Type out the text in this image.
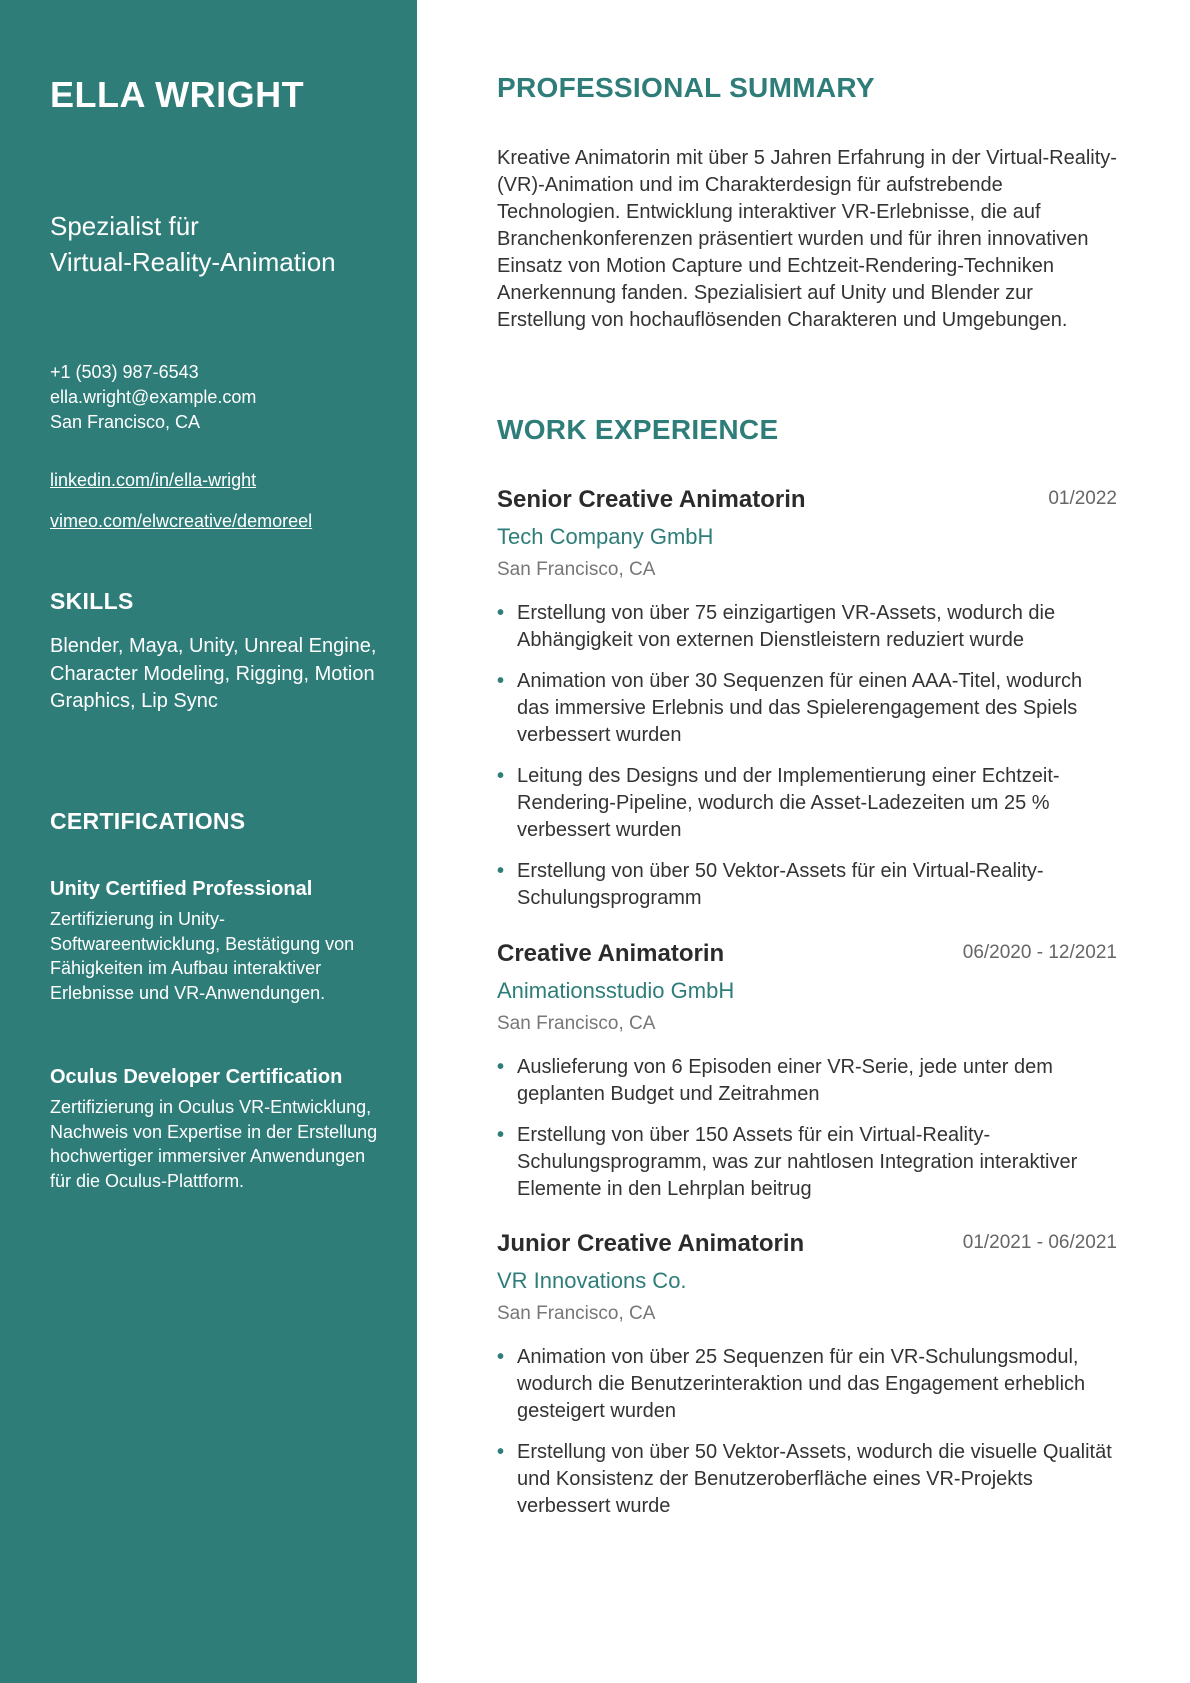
ELLA WRIGHT
Spezialist für
Virtual-Reality-Animation
+1 (503) 987-6543
ella.wright@example.com
San Francisco, CA
linkedin.com/in/ella-wright
vimeo.com/elwcreative/demoreel
SKILLS
Blender, Maya, Unity, Unreal Engine, Character Modeling, Rigging, Motion Graphics, Lip Sync
CERTIFICATIONS
Unity Certified Professional
Zertifizierung in Unity-Softwareentwicklung, Bestätigung von Fähigkeiten im Aufbau interaktiver Erlebnisse und VR-Anwendungen.
Oculus Developer Certification
Zertifizierung in Oculus VR-Entwicklung, Nachweis von Expertise in der Erstellung hochwertiger immersiver Anwendungen für die Oculus-Plattform.
PROFESSIONAL SUMMARY
Kreative Animatorin mit über 5 Jahren Erfahrung in der Virtual-Reality-(VR)-Animation und im Charakterdesign für aufstrebende Technologien. Entwicklung interaktiver VR-Erlebnisse, die auf Branchenkonferenzen präsentiert wurden und für ihren innovativen Einsatz von Motion Capture und Echtzeit-Rendering-Techniken Anerkennung fanden. Spezialisiert auf Unity und Blender zur Erstellung von hochauflösenden Charakteren und Umgebungen.
WORK EXPERIENCE
Senior Creative Animatorin	01/2022
Tech Company GmbH
San Francisco, CA
• Erstellung von über 75 einzigartigen VR-Assets, wodurch die Abhängigkeit von externen Dienstleistern reduziert wurde
• Animation von über 30 Sequenzen für einen AAA-Titel, wodurch das immersive Erlebnis und das Spielerengagement des Spiels verbessert wurden
• Leitung des Designs und der Implementierung einer Echtzeit-Rendering-Pipeline, wodurch die Asset-Ladezeiten um 25 % verbessert wurden
• Erstellung von über 50 Vektor-Assets für ein Virtual-Reality-Schulungsprogramm
Creative Animatorin	06/2020 - 12/2021
Animationsstudio GmbH
San Francisco, CA
• Auslieferung von 6 Episoden einer VR-Serie, jede unter dem geplanten Budget und Zeitrahmen
• Erstellung von über 150 Assets für ein Virtual-Reality-Schulungsprogramm, was zur nahtlosen Integration interaktiver Elemente in den Lehrplan beitrug
Junior Creative Animatorin	01/2021 - 06/2021
VR Innovations Co.
San Francisco, CA
• Animation von über 25 Sequenzen für ein VR-Schulungsmodul, wodurch die Benutzerinteraktion und das Engagement erheblich gesteigert wurden
• Erstellung von über 50 Vektor-Assets, wodurch die visuelle Qualität und Konsistenz der Benutzeroberfläche eines VR-Projekts verbessert wurde
